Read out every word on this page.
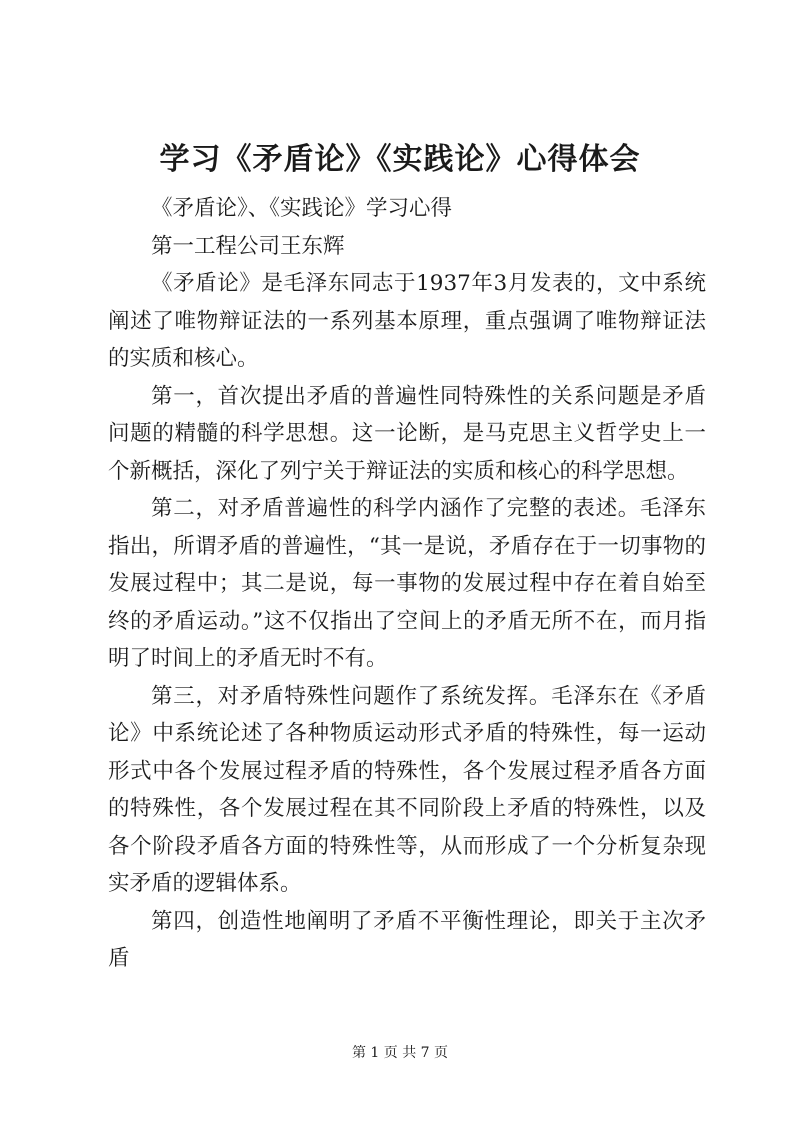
学习《矛盾论》《实践论》心得体会

《矛盾论》、《实践论》学习心得

第一工程公司王东辉

《矛盾论》是毛泽东同志于1937年3月发表的，文中系统阐述了唯物辩证法的一系列基本原理，重点强调了唯物辩证法的实质和核心。

第一，首次提出矛盾的普遍性同特殊性的关系问题是矛盾问题的精髓的科学思想。这一论断，是马克思主义哲学史上一个新概括，深化了列宁关于辩证法的实质和核心的科学思想。

第二，对矛盾普遍性的科学内涵作了完整的表述。毛泽东指出，所谓矛盾的普遍性，“其一是说，矛盾存在于一切事物的发展过程中；其二是说，每一事物的发展过程中存在着自始至终的矛盾运动。”这不仅指出了空间上的矛盾无所不在，而月指明了时间上的矛盾无时不有。

第三，对矛盾特殊性问题作了系统发挥。毛泽东在《矛盾论》中系统论述了各种物质运动形式矛盾的特殊性，每一运动形式中各个发展过程矛盾的特殊性，各个发展过程矛盾各方面的特殊性，各个发展过程在其不同阶段上矛盾的特殊性，以及各个阶段矛盾各方面的特殊性等，从而形成了一个分析复杂现实矛盾的逻辑体系。

第四，创造性地阐明了矛盾不平衡性理论，即关于主次矛盾

第 1 页 共 7 页
